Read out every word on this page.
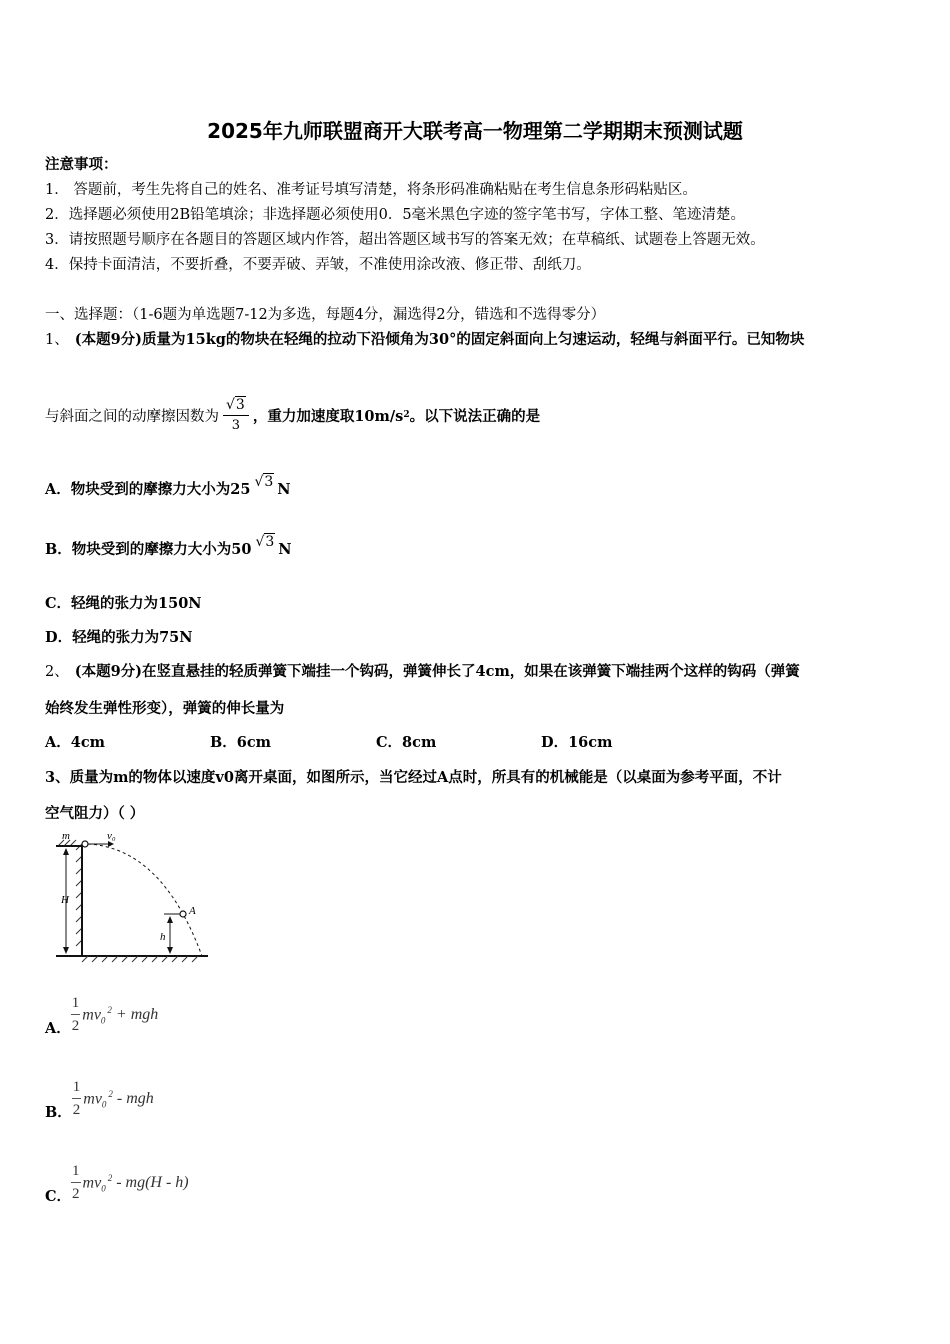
2025年九师联盟商开大联考高一物理第二学期期末预测试题
注意事项：
1． 答题前，考生先将自己的姓名、准考证号填写清楚，将条形码准确粘贴在考生信息条形码粘贴区。
2．选择题必须使用2B铅笔填涂；非选择题必须使用0．5毫米黑色字迹的签字笔书写，字体工整、笔迹清楚。
3．请按照题号顺序在各题目的答题区域内作答，超出答题区域书写的答案无效；在草稿纸、试题卷上答题无效。
4．保持卡面清洁，不要折叠，不要弄破、弄皱，不准使用涂改液、修正带、刮纸刀。
一、选择题：（1-6题为单选题7-12为多选，每题4分，漏选得2分，错选和不选得零分）
1、 (本题9分)质量为15kg的物块在轻绳的拉动下沿倾角为30°的固定斜面向上匀速运动，轻绳与斜面平行。已知物块
与斜面之间的动摩擦因数为 $\frac{√3}{3}$ ，重力加速度取10m/s 2 。以下说法正确的是
A．物块受到的摩擦力大小为25 √3 N
B．物块受到的摩擦力大小为50 √3 N
C．轻绳的张力为150N
D．轻绳的张力为75N
2、 (本题9分)在竖直悬挂的轻质弹簧下端挂一个钩码，弹簧伸长了4cm，如果在该弹簧下端挂两个这样的钩码（弹簧
始终发生弹性形变），弹簧的伸长量为
A．4cm	B．6cm	C．8cm	D．16cm
3、质量为m的物体以速度v0离开桌面，如图所示，当它经过A点时，所具有的机械能是（以桌面为参考平面，不计
空气阻力）（ ）
H
m	v₀
A
h
A． $\frac{1}{2} mv_0^2$ + mgh
B． $\frac{1}{2} mv_0^2$ - mgh
C． $\frac{1}{2} mv_0^2 - mg(H - h)$
